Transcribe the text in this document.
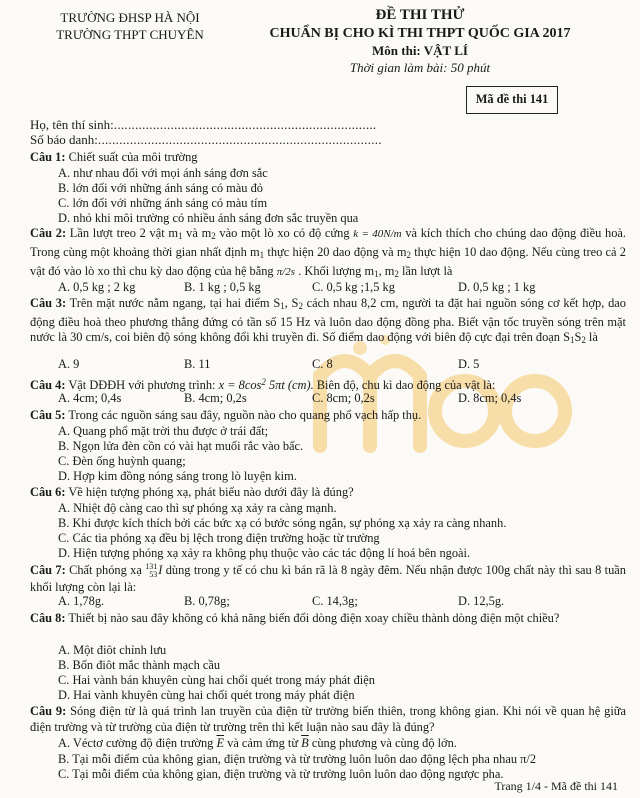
TRƯỜNG ĐHSP HÀ NỘI
TRƯỜNG THPT CHUYÊN
ĐỀ THI THỬ
CHUẨN BỊ CHO KÌ THI THPT QUỐC GIA 2017
Môn thi: VẬT LÍ
Thời gian làm bài: 50 phút
Mã đề thi 141
Họ, tên thí sinh:..........................................................................
Số báo danh:................................................................................
Câu 1: Chiết suất của môi trường
A. như nhau đối với mọi ánh sáng đơn sắc
B. lớn đối với những ánh sáng có màu đỏ
C. lớn đối với những ánh sáng có màu tím
D. nhỏ khi môi trường có nhiều ánh sáng đơn sắc truyền qua
Câu 2: Lần lượt treo 2 vật $m_1$ và $m_2$ vào một lò xo có độ cứng k = 40N/m và kích thích cho chúng dao động điều hoà. Trong cùng một khoảng thời gian nhất định $m_1$ thực hiện 20 dao động và $m_2$ thực hiện 10 dao động. Nếu cùng treo cả 2 vật đó vào lò xo thì chu kỳ dao động của hệ bằng π/2s . Khối lượng $m_1$, $m_2$ lần lượt là
A. 0,5 kg ; 2 kg	B. 1 kg ; 0,5 kg	C. 0,5 kg ;1,5 kg	D. 0,5 kg ; 1 kg
Câu 3: Trên mặt nước nằm ngang, tại hai điểm $S_1$, $S_2$ cách nhau 8,2 cm, người ta đặt hai nguồn sóng cơ kết hợp, dao động điều hoà theo phương thẳng đứng có tần số 15 Hz và luôn dao động đồng pha. Biết vận tốc truyền sóng trên mặt nước là 30 cm/s, coi biên độ sóng không đổi khi truyền đi. Số điểm dao động với biên độ cực đại trên đoạn $S_1S_2$ là
A. 9	B. 11	C. 8	D. 5
Câu 4: Vật DĐĐH với phương trình: $x = 8\cos^2$ 5πt (cm). Biên độ, chu kì dao động của vật là:
A. 4cm; 0,4s	B. 4cm; 0,2s	C. 8cm; 0,2s	D. 8cm; 0,4s
Câu 5: Trong các nguồn sáng sau đây, nguồn nào cho quang phổ vạch hấp thụ.
A. Quang phổ mặt trời thu được ở trái đất;
B. Ngọn lửa đèn cồn có vài hạt muối rắc vào bấc.
C. Đèn ống huỳnh quang;
D. Hợp kim đồng nóng sáng trong lò luyện kim.
Câu 6: Về hiện tượng phóng xạ, phát biểu nào dưới đây là đúng?
A. Nhiệt độ càng cao thì sự phóng xạ xảy ra càng mạnh.
B. Khi được kích thích bởi các bức xạ có bước sóng ngắn, sự phóng xạ xảy ra càng nhanh.
C. Các tia phóng xạ đều bị lệch trong điện trường hoặc từ trường
D. Hiện tượng phóng xạ xảy ra không phụ thuộc vào các tác động lí hoá bên ngoài.
Câu 7: Chất phóng xạ 131
53 I dùng trong y tế có chu kì bán rã là 8 ngày đêm. Nếu nhận được 100g chất này thì sau 8 tuần khối lượng còn lại là:
A. 1,78g.	B. 0,78g;	C. 14,3g;	D. 12,5g.
Câu 8: Thiết bị nào sau đây không có khả năng biến đổi dòng điện xoay chiều thành dòng điện một chiều?
A. Một điôt chỉnh lưu
B. Bốn điôt mắc thành mạch cầu
C. Hai vành bán khuyên cùng hai chổi quét trong máy phát điện
D. Hai vành khuyên cùng hai chổi quét trong máy phát điện
Câu 9: Sóng điện từ là quá trình lan truyền của điện từ trường biến thiên, trong không gian. Khi nói về quan hệ giữa điện trường và từ trường của điện từ trường trên thì kết luận nào sau đây là đúng?
A. Véctơ cường độ điện trường $\overline{E}$ và cảm ứng từ $\overline{B}$ cùng phương và cùng độ lớn.
B. Tại mỗi điểm của không gian, điện trường và từ trường luôn luôn dao động lệch pha nhau π/2
C. Tại mỗi điểm của không gian, điện trường và từ trường luôn luôn dao động ngược pha.
Trang 1/4 - Mã đề thi 141
